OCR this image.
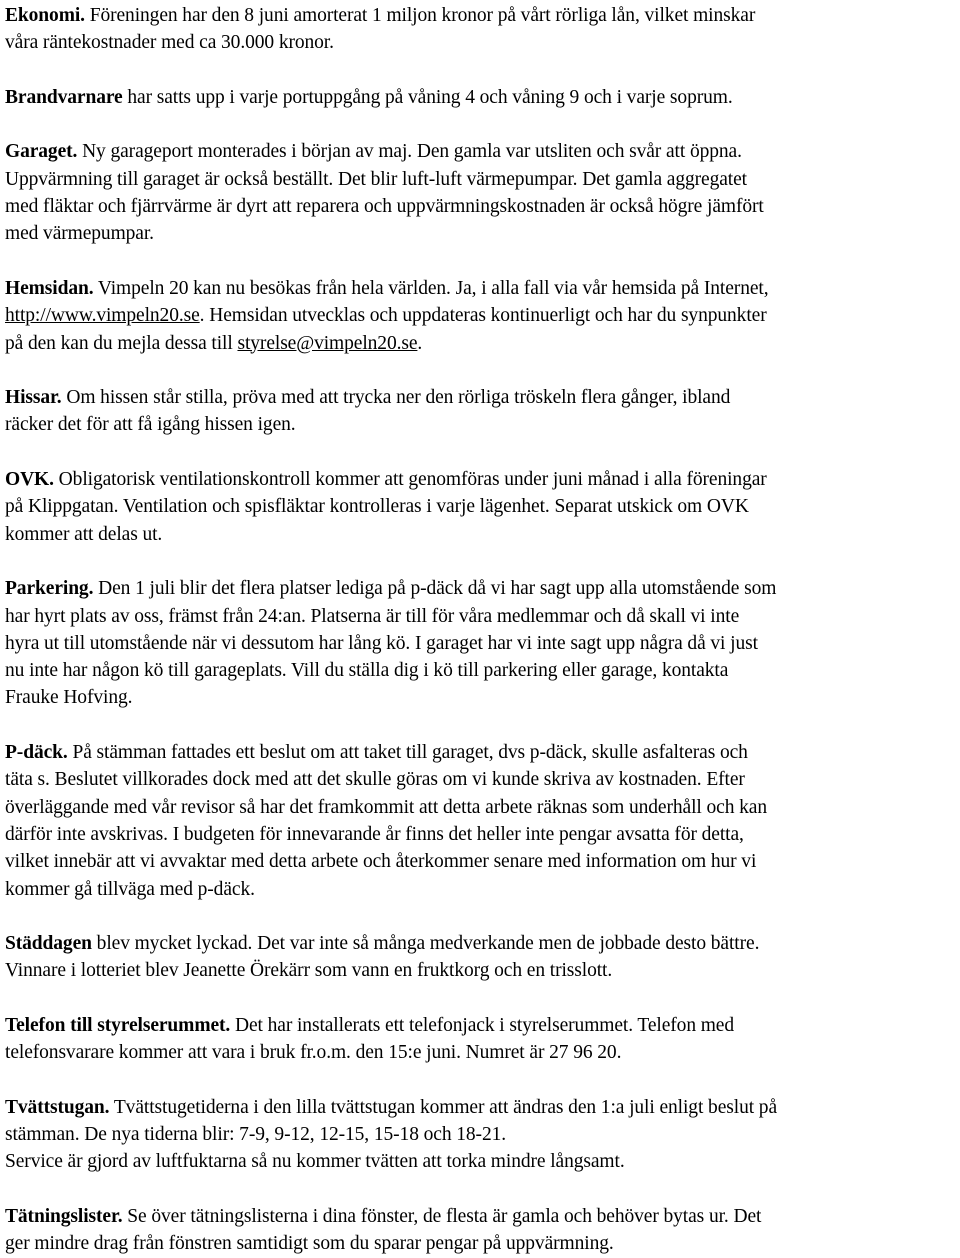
Ekonomi. Föreningen har den 8 juni amorterat 1 miljon kronor på vårt rörliga lån, vilket minskar
våra räntekostnader med ca 30.000 kronor.
Brandvarnare har satts upp i varje portuppgång på våning 4 och våning 9 och i varje soprum.
Garaget. Ny garageport monterades i början av maj. Den gamla var utsliten och svår att öppna.
Uppvärmning till garaget är också beställt. Det blir luft-luft värmepumpar. Det gamla aggregatet
med fläktar och fjärrvärme är dyrt att reparera och uppvärmningskostnaden är också högre jämfört
med värmepumpar.
Hemsidan. Vimpeln 20 kan nu besökas från hela världen. Ja, i alla fall via vår hemsida på Internet,
http://www.vimpeln20.se. Hemsidan utvecklas och uppdateras kontinuerligt och har du synpunkter
på den kan du mejla dessa till styrelse@vimpeln20.se.
Hissar. Om hissen står stilla, pröva med att trycka ner den rörliga tröskeln flera gånger, ibland
räcker det för att få igång hissen igen.
OVK. Obligatorisk ventilationskontroll kommer att genomföras under juni månad i alla föreningar
på Klippgatan. Ventilation och spisfläktar kontrolleras i varje lägenhet. Separat utskick om OVK
kommer att delas ut.
Parkering. Den 1 juli blir det flera platser lediga på p-däck då vi har sagt upp alla utomstående som
har hyrt plats av oss, främst från 24:an. Platserna är till för våra medlemmar och då skall vi inte
hyra ut till utomstående när vi dessutom har lång kö. I garaget har vi inte sagt upp några då vi just
nu inte har någon kö till garageplats. Vill du ställa dig i kö till parkering eller garage, kontakta
Frauke Hofving.
P-däck. På stämman fattades ett beslut om att taket till garaget, dvs p-däck, skulle asfalteras och
täta s. Beslutet villkorades dock med att det skulle göras om vi kunde skriva av kostnaden. Efter
överläggande med vår revisor så har det framkommit att detta arbete räknas som underhåll och kan
därför inte avskrivas. I budgeten för innevarande år finns det heller inte pengar avsatta för detta,
vilket innebär att vi avvaktar med detta arbete och återkommer senare med information om hur vi
kommer gå tillväga med p-däck.
Städdagen blev mycket lyckad. Det var inte så många medverkande men de jobbade desto bättre.
Vinnare i lotteriet blev Jeanette Örekärr som vann en fruktkorg och en trisslott.
Telefon till styrelserummet. Det har installerats ett telefonjack i styrelserummet. Telefon med
telefonsvarare kommer att vara i bruk fr.o.m. den 15:e juni. Numret är 27 96 20.
Tvättstugan. Tvättstugetiderna i den lilla tvättstugan kommer att ändras den 1:a juli enligt beslut på
stämman. De nya tiderna blir: 7-9, 9-12, 12-15, 15-18 och 18-21.
Service är gjord av luftfuktarna så nu kommer tvätten att torka mindre långsamt.
Tätningslister. Se över tätningslisterna i dina fönster, de flesta är gamla och behöver bytas ur. Det
ger mindre drag från fönstren samtidigt som du sparar pengar på uppvärmning.
